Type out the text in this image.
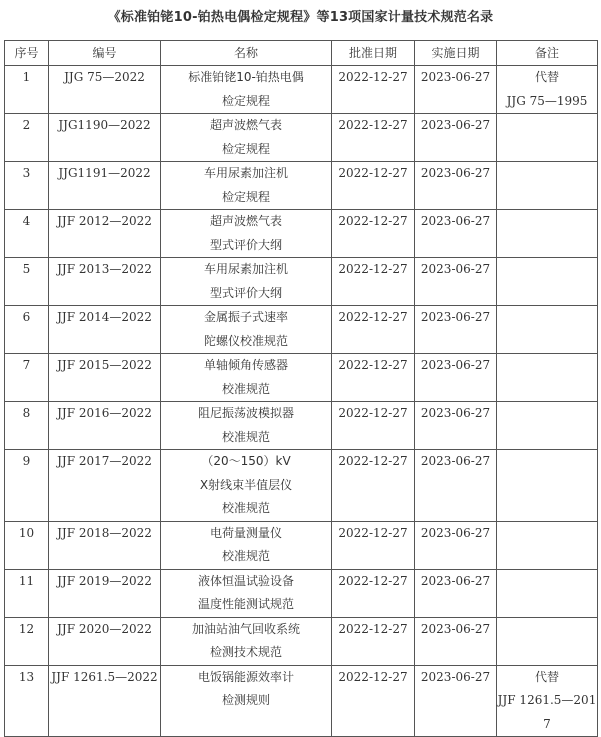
《标准铂铑10-铂热电偶检定规程》等13项国家计量技术规范名录
序号	编号	名称	批准日期	实施日期	备注
1	JJG 75—2022	标准铂铑10-铂热电偶
检定规程	2022-12-27	2023-06-27	代替
JJG 75—1995

2	JJG1190—2022	超声波燃气表
检定规程	2022-12-27	2023-06-27	
3	JJG1191—2022	车用尿素加注机
检定规程	2022-12-27	2023-06-27	
4	JJF 2012—2022	超声波燃气表
型式评价大纲	2022-12-27	2023-06-27	
5	JJF 2013—2022	车用尿素加注机
型式评价大纲	2022-12-27	2023-06-27	
6	JJF 2014—2022	金属振子式速率
陀螺仪校准规范	2022-12-27	2023-06-27	
7	JJF 2015—2022	单轴倾角传感器
校准规范	2022-12-27	2023-06-27	
8	JJF 2016—2022	阻尼振荡波模拟器
校准规范	2022-12-27	2023-06-27	
9	JJF 2017—2022	（20～150）kV
X射线束半值层仪
校准规范	2022-12-27	2023-06-27	
10	JJF 2018—2022	电荷量测量仪
校准规范	2022-12-27	2023-06-27	
11	JJF 2019—2022	液体恒温试验设备
温度性能测试规范	2022-12-27	2023-06-27	
12	JJF 2020—2022	加油站油气回收系统
检测技术规范	2022-12-27	2023-06-27	
13	JJF 1261.5—2022	电饭锅能源效率计
检测规则	2022-12-27	2023-06-27	代替
JJF 1261.5—201
7
